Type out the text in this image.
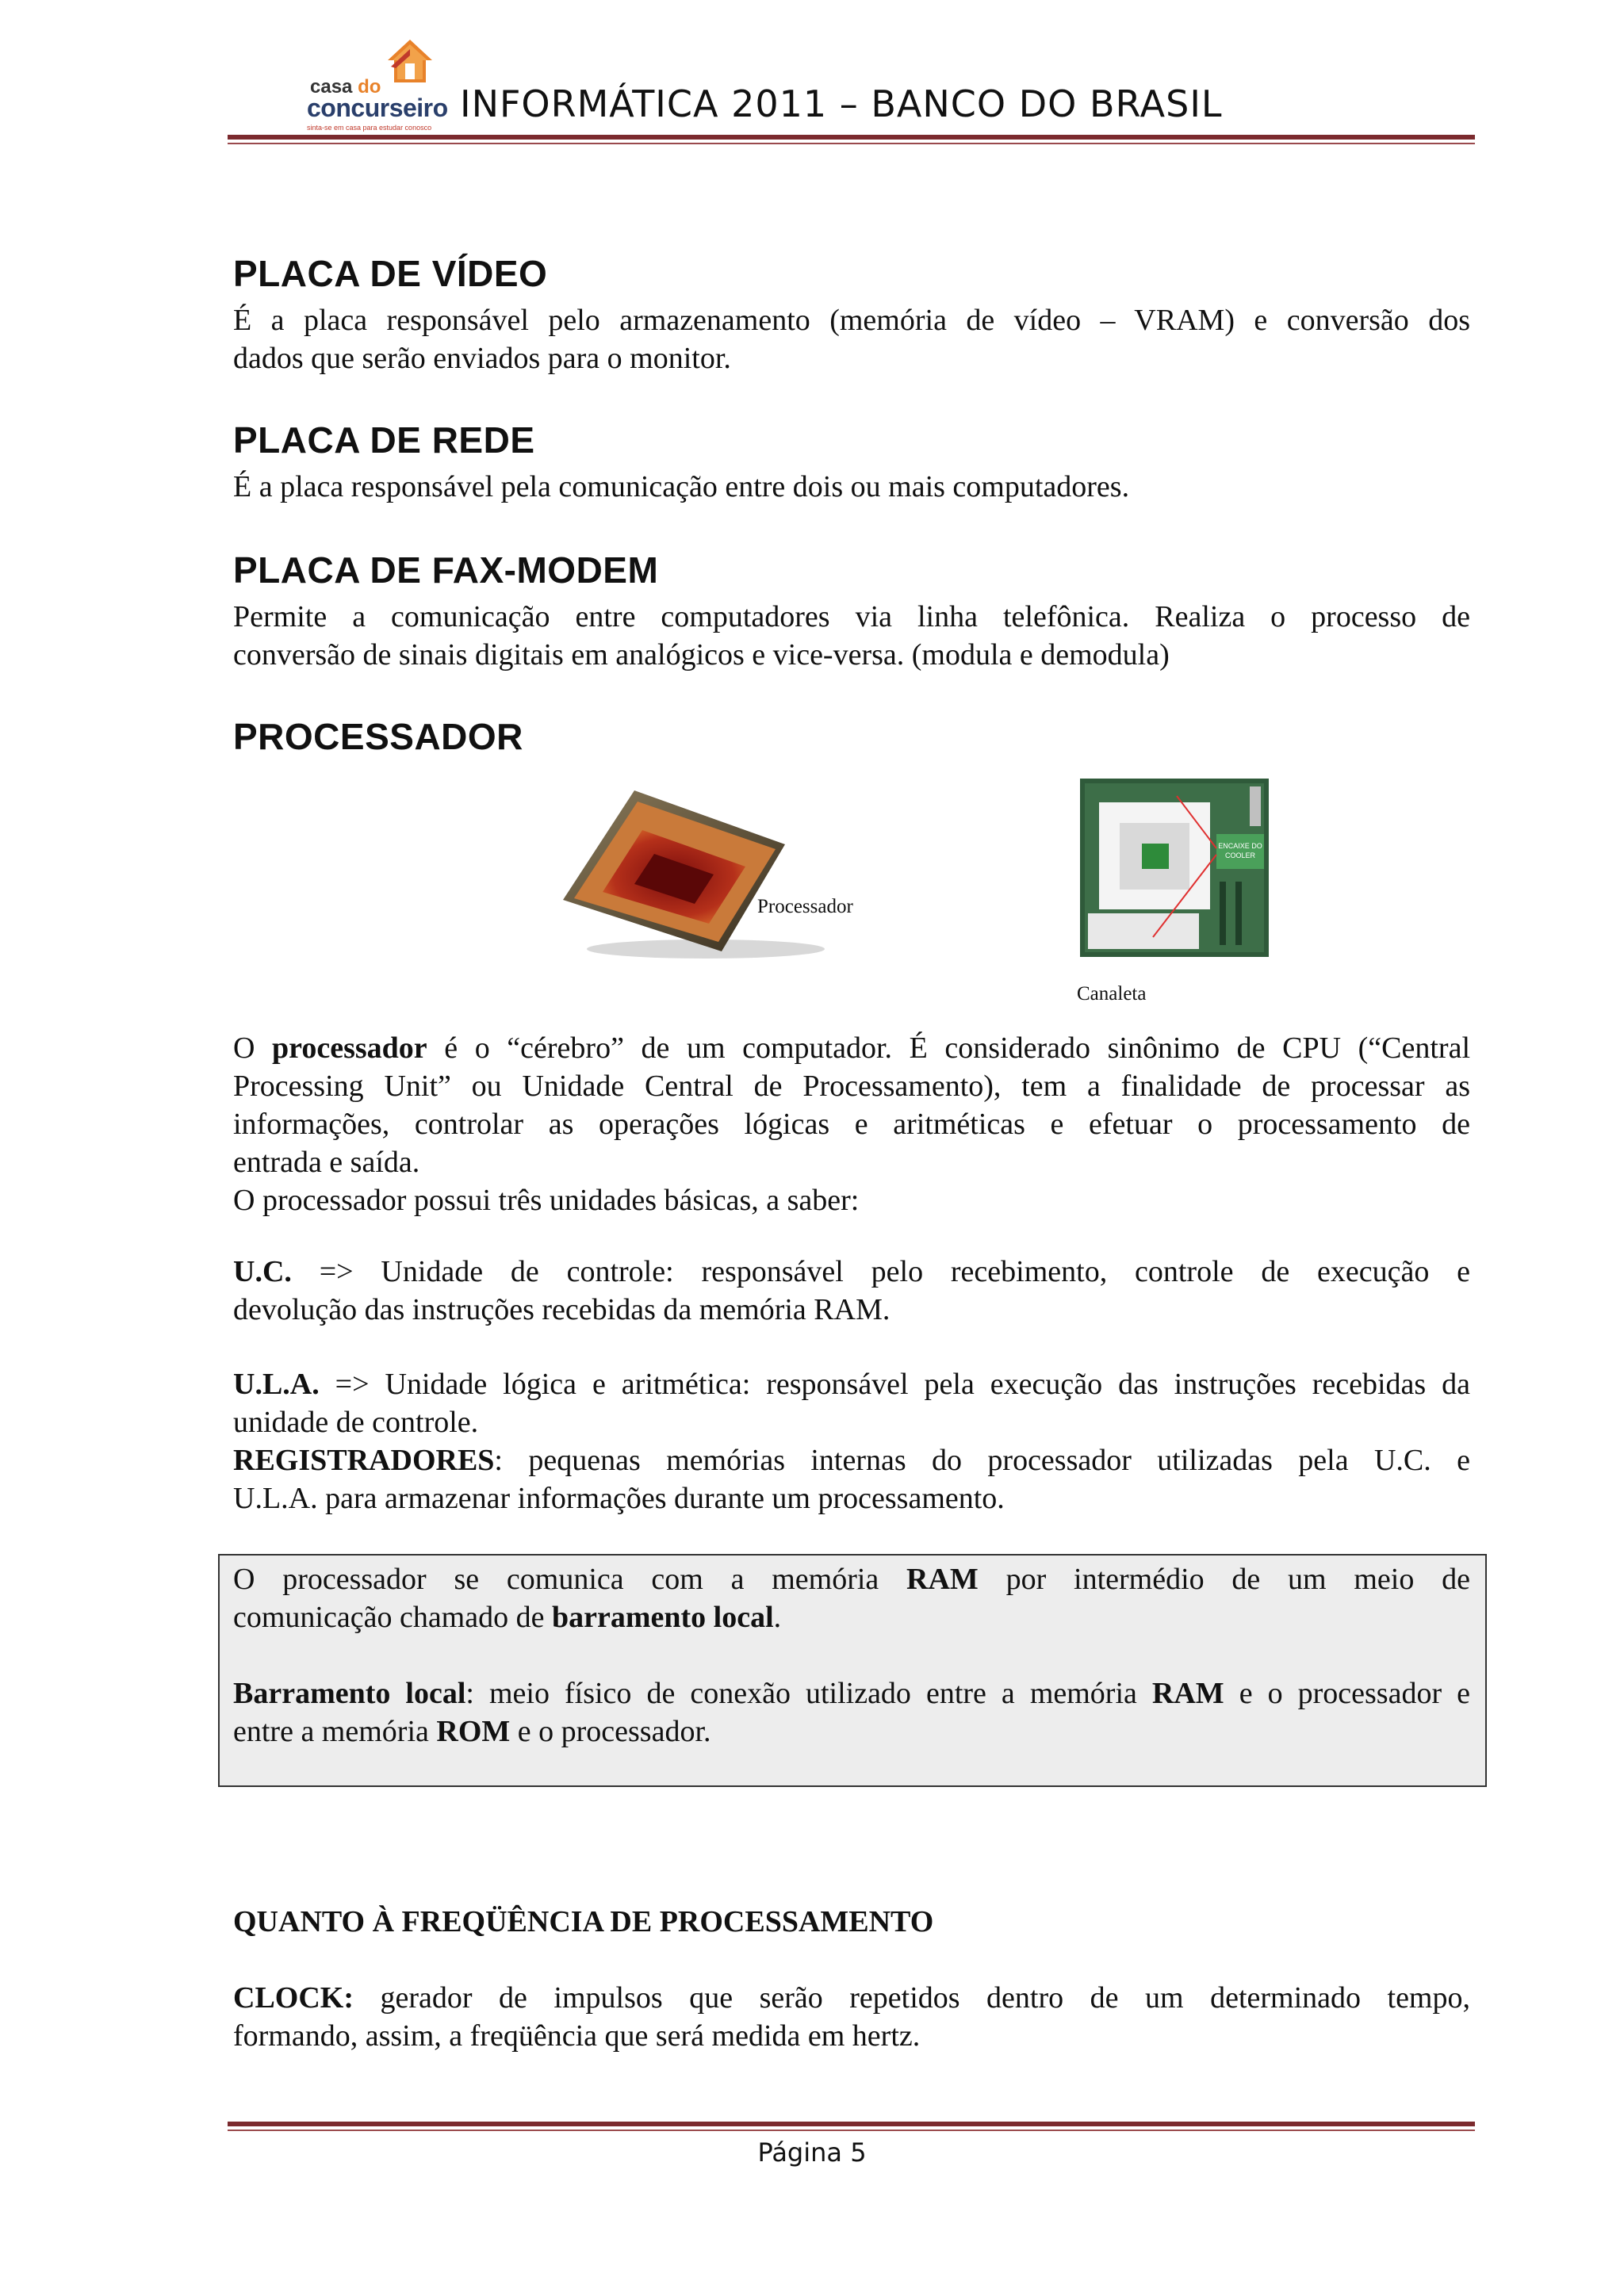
casa do
concurseiro
sinta-se em casa para estudar conosco
INFORMÁTICA 2011 – BANCO DO BRASIL
PLACA DE VÍDEO
É a placa responsável pelo armazenamento (memória de vídeo – VRAM) e conversão dos
dados que serão enviados para o monitor.
PLACA DE REDE
É a placa responsável pela comunicação entre dois ou mais computadores.
PLACA DE FAX-MODEM
Permite a comunicação entre computadores via linha telefônica. Realiza o processo de
conversão de sinais digitais em analógicos e vice-versa. (modula e demodula)
PROCESSADOR
Processador
ENCAIXE DO
COOLER
Canaleta
O processador é o “cérebro” de um computador. É considerado sinônimo de CPU (“Central
Processing Unit” ou Unidade Central de Processamento), tem a finalidade de processar as
informações, controlar as operações lógicas e aritméticas e efetuar o processamento de
entrada e saída.
O processador possui três unidades básicas, a saber:
U.C. => Unidade de controle: responsável pelo recebimento, controle de execução e
devolução das instruções recebidas da memória RAM.
U.L.A. => Unidade lógica e aritmética: responsável pela execução das instruções recebidas da
unidade de controle.
REGISTRADORES: pequenas memórias internas do processador utilizadas pela U.C. e
U.L.A. para armazenar informações durante um processamento.
O processador se comunica com a memória RAM por intermédio de um meio de
comunicação chamado de barramento local.
Barramento local: meio físico de conexão utilizado entre a memória RAM e o processador e
entre a memória ROM e o processador.
QUANTO À FREQÜÊNCIA DE PROCESSAMENTO
CLOCK: gerador de impulsos que serão repetidos dentro de um determinado tempo,
formando, assim, a freqüência que será medida em hertz.
Página 5
